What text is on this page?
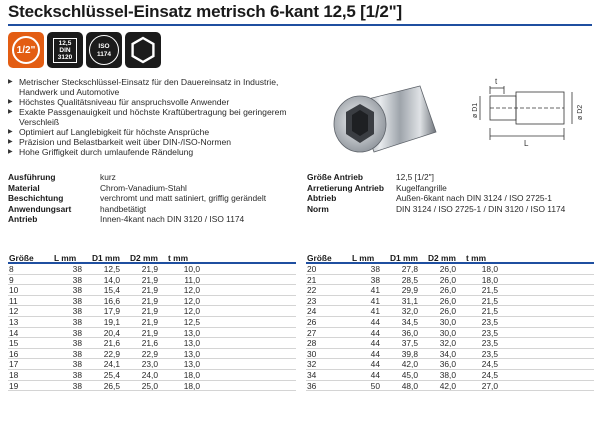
Steckschlüssel-Einsatz metrisch 6-kant 12,5 [1/2"]
1/2"
12,5
DIN
3120
ISO
1174
▶ Metrischer Steckschlüssel-Einsatz für den Dauereinsatz in Industrie, Handwerk und Automotive
▶ Höchstes Qualitätsniveau für anspruchsvolle Anwender
▶ Exakte Passgenauigkeit und höchste Kraftübertragung bei geringerem Verschleiß
▶ Optimiert auf Langlebigkeit für höchste Ansprüche
▶ Präzision und Belastbarkeit weit über DIN-/ISO-Normen
▶ Hohe Griffigkeit durch umlaufende Rändelung
t
L
ø D1	ø D2
Ausführung	kurz
Material	Chrom-Vanadium-Stahl
Beschichtung	verchromt und matt satiniert, griffig gerändelt
Anwendungsart	handbetätigt
Antrieb	Innen-4kant nach DIN 3120 / ISO 1174
Größe Antrieb	12,5 [1/2"]
Arretierung Antrieb	Kugelfangrille
Abtrieb	Außen-6kant nach DIN 3124 / ISO 2725-1
Norm	DIN 3124 / ISO 2725-1 / DIN 3120 / ISO 1174
Größe	L mm	D1 mm	D2 mm	t mm
8	38	12,5	21,9	10,0
9	38	14,0	21,9	11,0
10	38	15,4	21,9	12,0
11	38	16,6	21,9	12,0
12	38	17,9	21,9	12,0
13	38	19,1	21,9	12,5
14	38	20,4	21,9	13,0
15	38	21,6	21,6	13,0
16	38	22,9	22,9	13,0
17	38	24,1	23,0	13,0
18	38	25,4	24,0	18,0
19	38	26,5	25,0	18,0
Größe	L mm	D1 mm	D2 mm	t mm
20	38	27,8	26,0	18,0
21	38	28,5	26,0	18,0
22	41	29,9	26,0	21,5
23	41	31,1	26,0	21,5
24	41	32,0	26,0	21,5
26	44	34,5	30,0	23,5
27	44	36,0	30,0	23,5
28	44	37,5	32,0	23,5
30	44	39,8	34,0	23,5
32	44	42,0	36,0	24,5
34	44	45,0	38,0	24,5
36	50	48,0	42,0	27,0
